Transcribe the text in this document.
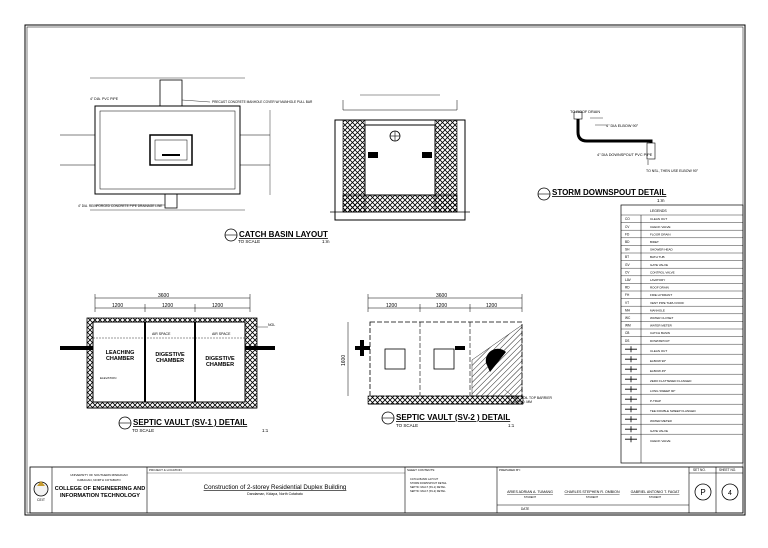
4" DIA. PVC PIPE
PRECAST CONCRETE MANHOLE COVER W/ MANHOLE PULL BAR
4" DIA. REINFORCED CONCRETE PIPE DRAINAGE LINE
CATCH BASIN LAYOUT
TO SCALE	1:m
TO ROOF DRAIN
4" DIA ELBOW 90°
4" DIA DOWNSPOUT PVC PIPE
TO NSL, THEN USE ELBOW 90°
STORM DOWNSPOUT DETAIL
1:m
LEGENDS
CO	CLEAN OUT
CV	CHECK VALVE
FD	FLOOR DRAIN
BD	BIDET
SH	SHOWER HEAD
BT	BATH TUB
GV	GATE VALVE
CV	CONTROL VALVE
LAV	LAVATORY
RD	ROOF DRAIN
FH	FIRE HYDRANT
VT	VENT PIPE THRU ROOF
MH	MANHOLE
WC	WATER CLOSET
WM	WATER METER
CB	CATCH BASIN
DS	DOWNSPOUT
CLEAN OUT
ELBOW 90°
ELBOW 45°
ZERO FLATTENED FLANGED
LONG SWEEP 90°
P-TRAP
TEE DOUBLE SWEEP FLANGED
WATER METER
GATE VALVE
CHECK VALVE
ELEVATION
3600
1200	1200	1200
AIR SPACE	AIR SPACE
NGL
LEACHING CHAMBER
DIGESTIVE CHAMBER	DIGESTIVE CHAMBER
SEPTIC VAULT (SV-1 ) DETAIL
TO SCALE	1:1
3600
1200	1200	1200
1600
STONE SOIL TOP BARRIER AT 300 SQ. MM
SEPTIC VAULT (SV-2 ) DETAIL
TO SCALE	1:1
CEIT
UNIVERSITY OF SOUTHERN MINDANAO
KABACAN, NORTH COTABATO
COLLEGE OF ENGINEERING AND INFORMATION TECHNOLOGY
PROJECT & LOCATION
Construction of 2-storey Residential Duplex Building
Dandaman, Kidapa, North Cotabato
SHEET CONTENTS:
CATCH BASIN LAYOUT
STORM DOWNSPOUT DETAIL
SEPTIC VAULT (SV-1) DETAIL
SEPTIC VAULT (SV-2) DETAIL
PREPARED BY:
ARIES ADRIAN A. TUMANG	CHARLES STEPHEN R. OMBION	GABRIEL ANTONIO T. FAGAT
STUDENT	STUDENT	STUDENT
DATE
SET NO.	SHEET NO.
P	4
